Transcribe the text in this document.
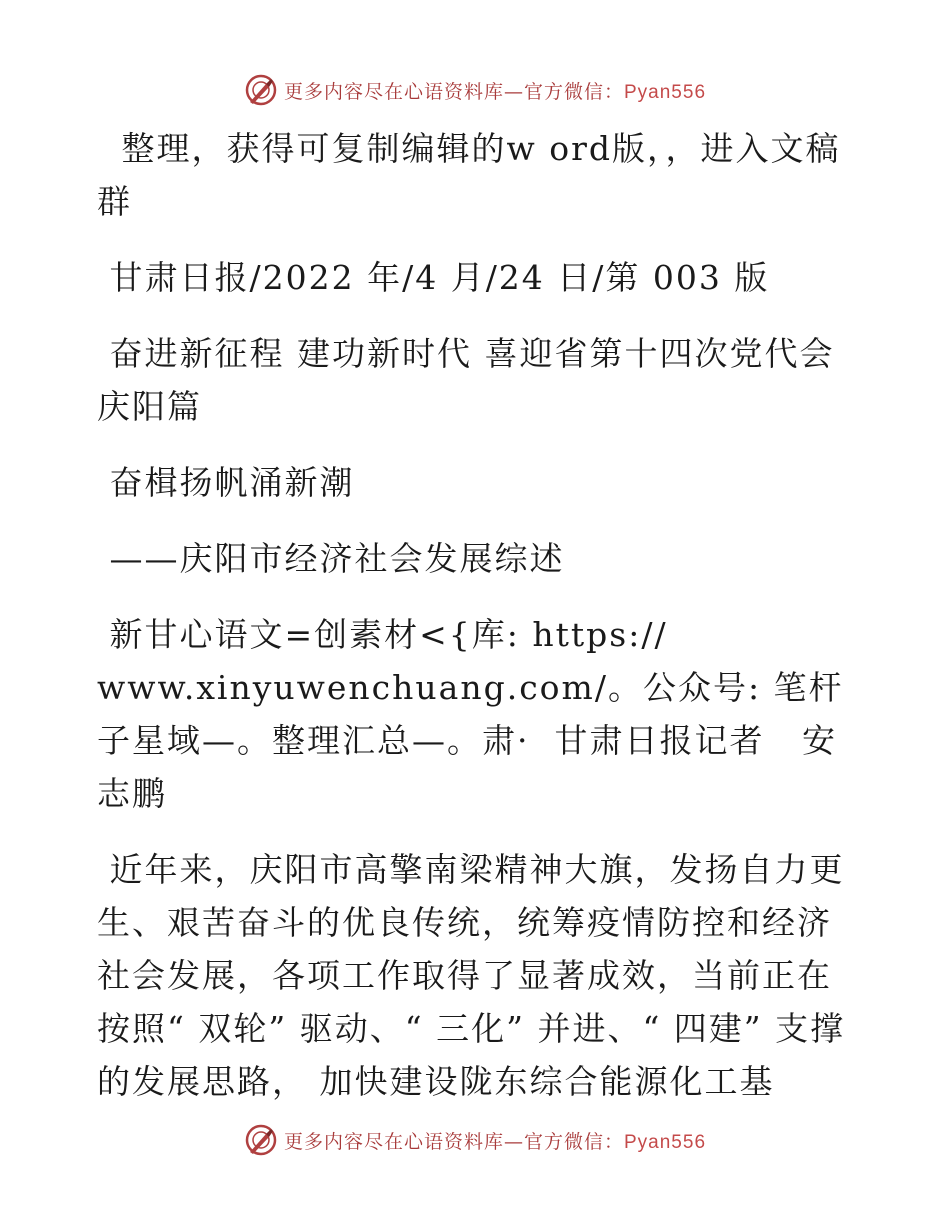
更多内容尽在心语资料库—官方微信：Pyan556

整理，获得可复制编辑的w ord版，，进入文稿群

甘肃日报/2022 年/4 月/24 日/第 003 版

奋进新征程 建功新时代 喜迎省第十四次党代会庆阳篇

奋楫扬帆涌新潮

——庆阳市经济社会发展综述

新甘心语文=创素材<{库: https://

www.xinyuwenchuang.com/。公众号: 笔杆子星域—。整理汇总—。肃·  甘肃日报记者   安志鹏

近年来，庆阳市高擎南梁精神大旗，发扬自力更生、艰苦奋斗的优良传统，统筹疫情防控和经济社会发展，各项工作取得了显著成效，当前正在按照“ 双轮” 驱动、“ 三化” 并进、“ 四建” 支撑的发展思路， 加快建设陇东综合能源化工基

更多内容尽在心语资料库—官方微信：Pyan556
